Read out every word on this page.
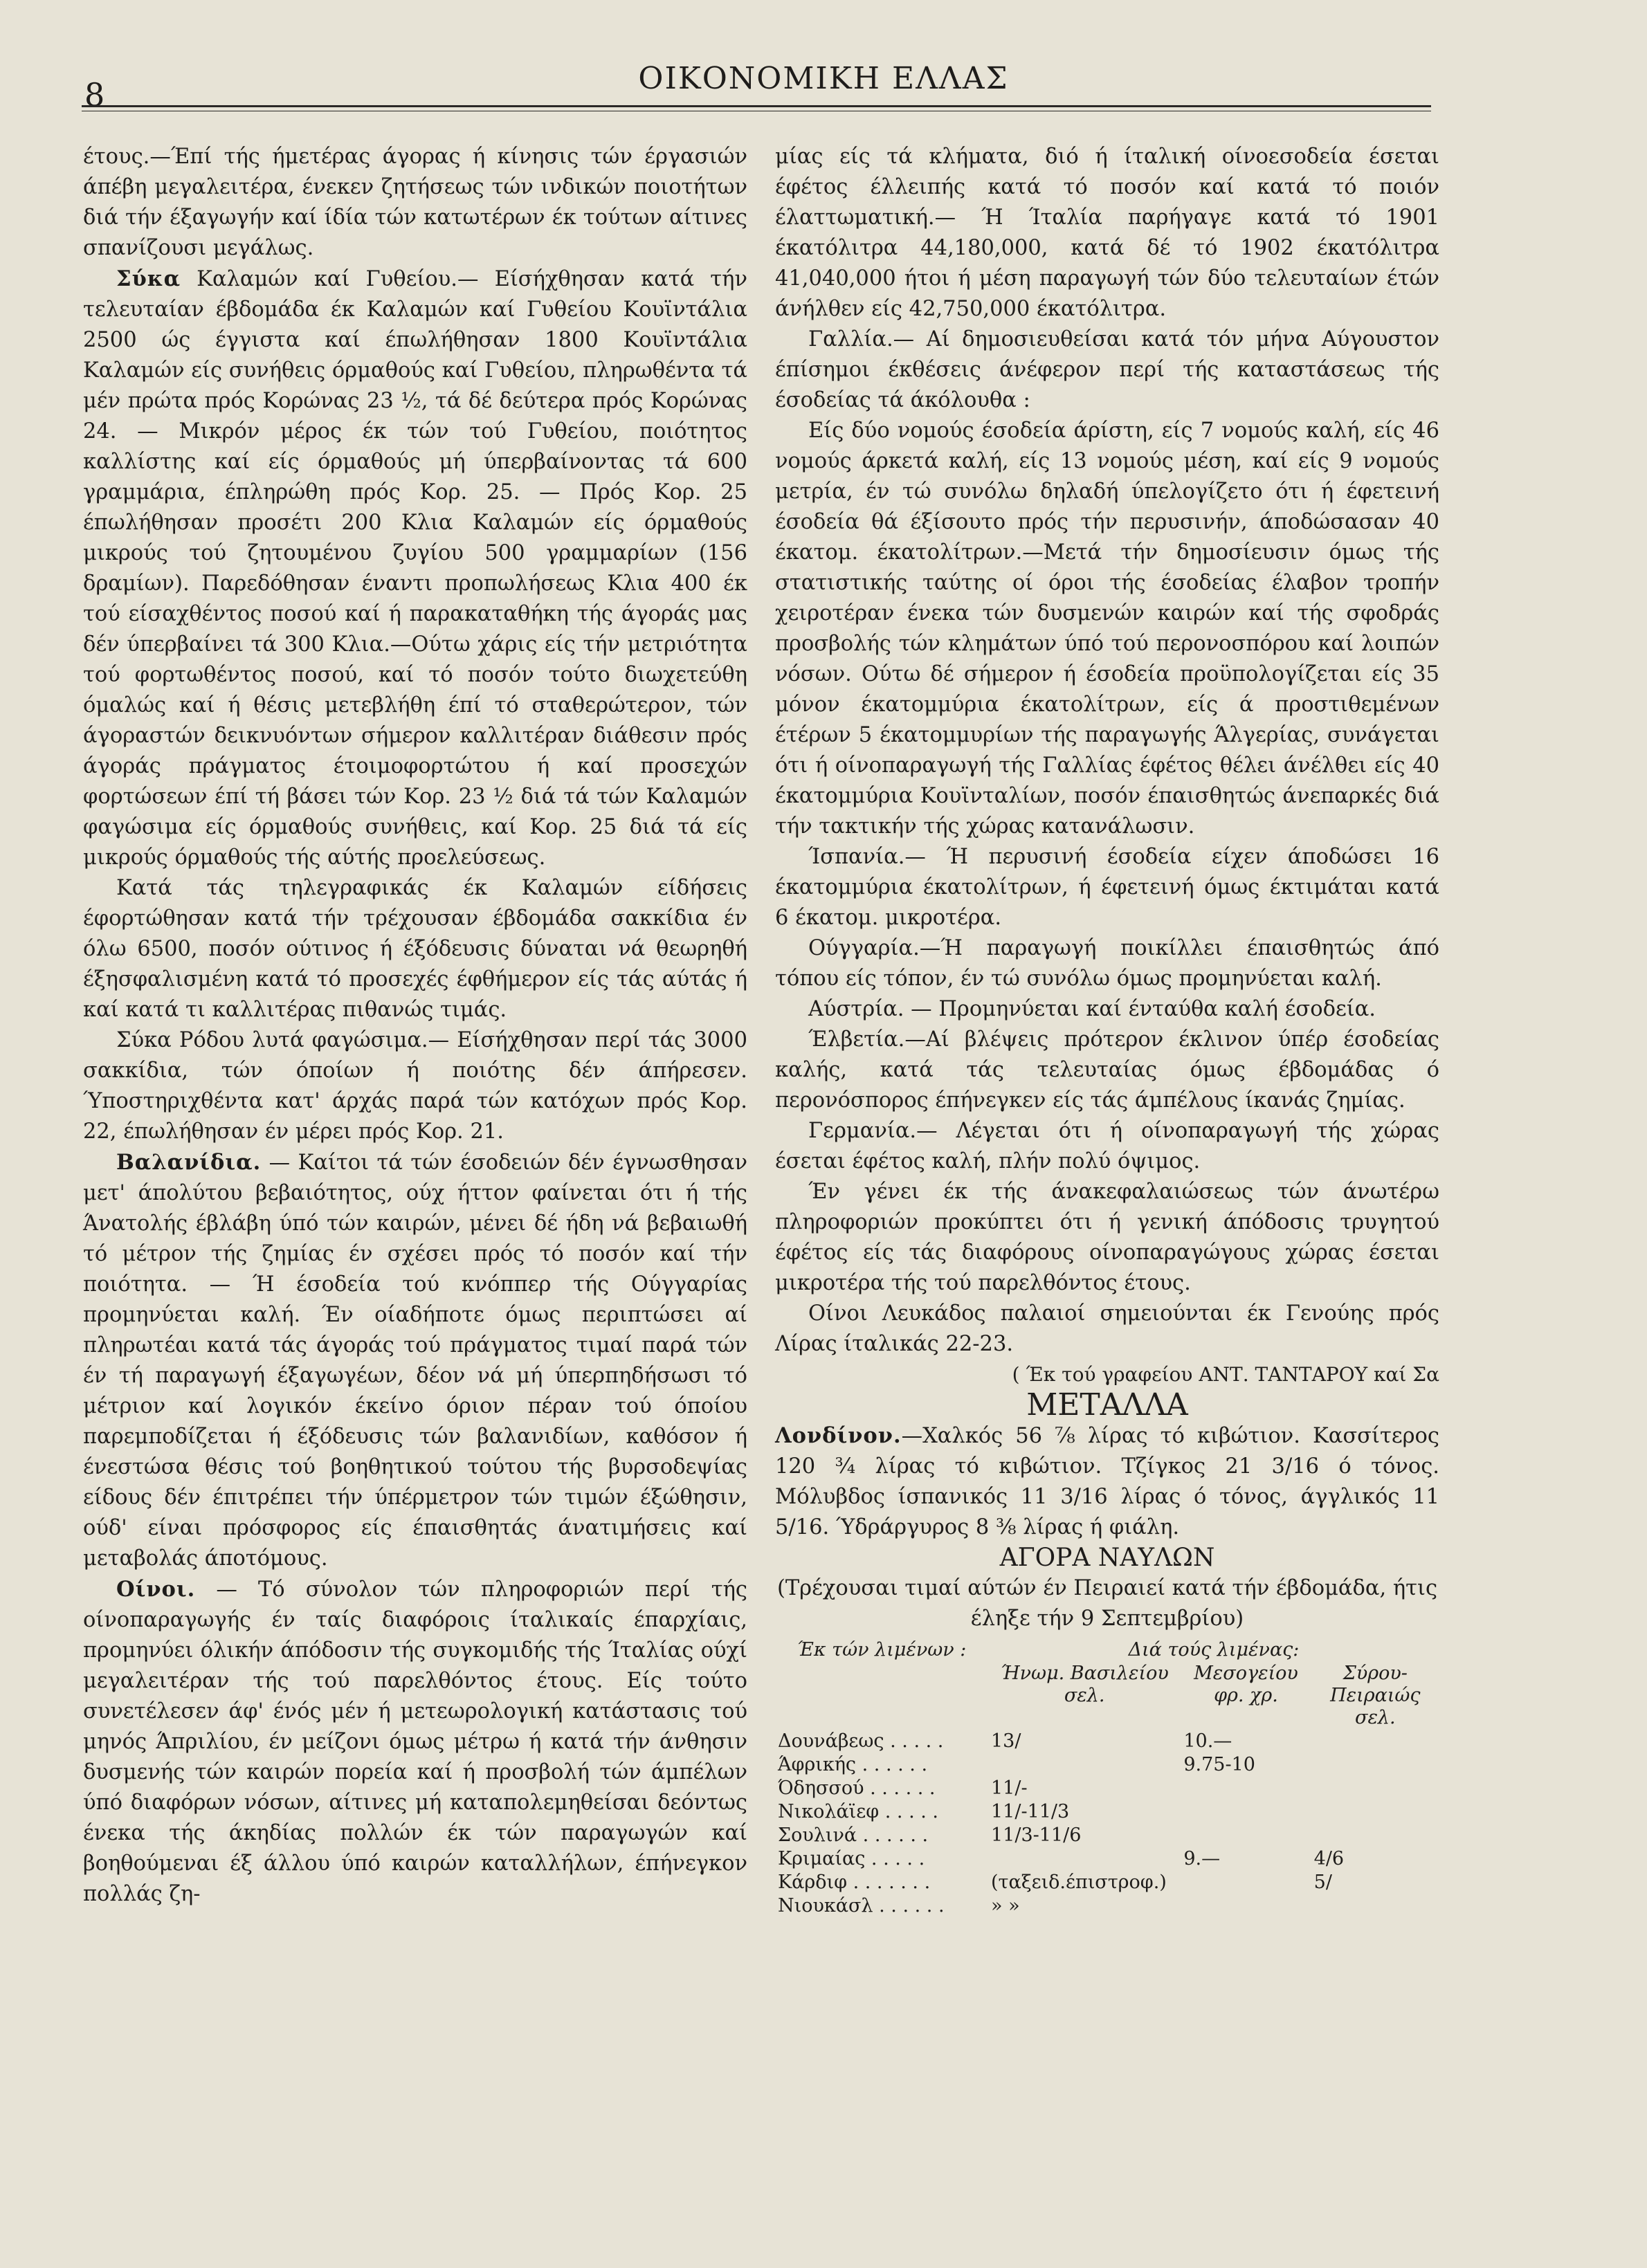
8	ΟΙΚΟΝΟΜΙΚΗ ΕΛΛΑΣ

έτους.—Έπί τής ήμετέρας άγορας ή κίνησις τών έργασιών άπέβη μεγαλειτέρα, ένεκεν ζητήσεως τών ινδικών ποιοτήτων διά τήν έξαγωγήν καί ίδία τών κατωτέρων έκ τούτων αίτινες σπανίζουσι μεγάλως.

Σύκα Καλαμών καί Γυθείου.— Είσήχθησαν κατά τήν τελευταίαν έβδομάδα έκ Καλαμών καί Γυθείου Κουϊντάλια 2500 ώς έγγιστα καί έπωλήθησαν 1800 Κουϊντάλια Καλαμών είς συνήθεις όρμαθούς καί Γυθείου, πληρωθέντα τά μέν πρώτα πρός Κορώνας 23 ½, τά δέ δεύτερα πρός Κορώνας 24. — Μικρόν μέρος έκ τών τού Γυθείου, ποιότητος καλλίστης καί είς όρμαθούς μή ύπερβαίνοντας τά 600 γραμμάρια, έπληρώθη πρός Κορ. 25. — Πρός Κορ. 25 έπωλήθησαν προσέτι 200 Κλια Καλαμών είς όρμαθούς μικρούς τού ζητουμένου ζυγίου 500 γραμμαρίων (156 δραμίων). Παρεδόθησαν έναντι προπωλήσεως Κλια 400 έκ τού είσαχθέντος ποσού καί ή παρακαταθήκη τής άγοράς μας δέν ύπερβαίνει τά 300 Κλια.—Ούτω χάρις είς τήν μετριότητα τού φορτωθέντος ποσού, καί τό ποσόν τούτο διωχετεύθη όμαλώς καί ή θέσις μετεβλήθη έπί τό σταθερώτερον, τών άγοραστών δεικνυόντων σήμερον καλλιτέραν διάθεσιν πρός άγοράς πράγματος έτοιμοφορτώτου ή καί προσεχών φορτώσεων έπί τή βάσει τών Κορ. 23 ½ διά τά τών Καλαμών φαγώσιμα είς όρμαθούς συνήθεις, καί Κορ. 25 διά τά είς μικρούς όρμαθούς τής αύτής προελεύσεως.

Κατά τάς τηλεγραφικάς έκ Καλαμών είδήσεις έφορτώθησαν κατά τήν τρέχουσαν έβδομάδα σακκίδια έν όλω 6500, ποσόν ούτινος ή έξόδευσις δύναται νά θεωρηθή έξησφαλισμένη κατά τό προσεχές έφθήμερον είς τάς αύτάς ή καί κατά τι καλλιτέρας πιθανώς τιμάς.

Σύκα Ρόδου λυτά φαγώσιμα.— Είσήχθησαν περί τάς 3000 σακκίδια, τών όποίων ή ποιότης δέν άπήρεσεν. Ύποστηριχθέντα κατ' άρχάς παρά τών κατόχων πρός Κορ. 22, έπωλήθησαν έν μέρει πρός Κορ. 21.

Βαλανίδια. — Καίτοι τά τών έσοδειών δέν έγνωσθησαν μετ' άπολύτου βεβαιότητος, ούχ ήττον φαίνεται ότι ή τής Άνατολής έβλάβη ύπό τών καιρών, μένει δέ ήδη νά βεβαιωθή τό μέτρον τής ζημίας έν σχέσει πρός τό ποσόν καί τήν ποιότητα. — Ή έσοδεία τού κνόππερ τής Ούγγαρίας προμηνύεται καλή. Έν οίαδήποτε όμως περιπτώσει αί πληρωτέαι κατά τάς άγοράς τού πράγματος τιμαί παρά τών έν τή παραγωγή έξαγωγέων, δέον νά μή ύπερπηδήσωσι τό μέτριον καί λογικόν έκείνο όριον πέραν τού όποίου παρεμποδίζεται ή έξόδευσις τών βαλανιδίων, καθόσον ή ένεστώσα θέσις τού βοηθητικού τούτου τής βυρσοδεψίας είδους δέν έπιτρέπει τήν ύπέρμετρον τών τιμών έξώθησιν, ούδ' είναι πρόσφορος είς έπαισθητάς άνατιμήσεις καί μεταβολάς άποτόμους.

Οίνοι. — Τό σύνολον τών πληροφοριών περί τής οίνοπαραγωγής έν ταίς διαφόροις ίταλικαίς έπαρχίαις, προμηνύει όλικήν άπόδοσιν τής συγκομιδής τής Ίταλίας ούχί μεγαλειτέραν τής τού παρελθόντος έτους. Είς τούτο συνετέλεσεν άφ' ένός μέν ή μετεωρολογική κατάστασις τού μηνός Άπριλίου, έν μείζονι όμως μέτρω ή κατά τήν άνθησιν δυσμενής τών καιρών πορεία καί ή προσβολή τών άμπέλων ύπό διαφόρων νόσων, αίτινες μή καταπολεμηθείσαι δεόντως ένεκα τής άκηδίας πολλών έκ τών παραγωγών καί βοηθούμεναι έξ άλλου ύπό καιρών καταλλήλων, έπήνεγκον πολλάς ζη-

μίας είς τά κλήματα, διό ή ίταλική οίνοεσοδεία έσεται έφέτος έλλειπής κατά τό ποσόν καί κατά τό ποιόν έλαττωματική.— Ή Ίταλία παρήγαγε κατά τό 1901 έκατόλιτρα 44,180,000, κατά δέ τό 1902 έκατόλιτρα 41,040,000 ήτοι ή μέση παραγωγή τών δύο τελευταίων έτών άνήλθεν είς 42,750,000 έκατόλιτρα.

Γαλλία.— Αί δημοσιευθείσαι κατά τόν μήνα Αύγουστον έπίσημοι έκθέσεις άνέφερον περί τής καταστάσεως τής έσοδείας τά άκόλουθα :

Είς δύο νομούς έσοδεία άρίστη, είς 7 νομούς καλή, είς 46 νομούς άρκετά καλή, είς 13 νομούς μέση, καί είς 9 νομούς μετρία, έν τώ συνόλω δηλαδή ύπελογίζετο ότι ή έφετεινή έσοδεία θά έξίσουτο πρός τήν περυσινήν, άποδώσασαν 40 έκατομ. έκατολίτρων.—Μετά τήν δημοσίευσιν όμως τής στατιστικής ταύτης οί όροι τής έσοδείας έλαβον τροπήν χειροτέραν ένεκα τών δυσμενών καιρών καί τής σφοδράς προσβολής τών κλημάτων ύπό τού περονοσπόρου καί λοιπών νόσων. Ούτω δέ σήμερον ή έσοδεία προϋπολογίζεται είς 35 μόνον έκατομμύρια έκατολίτρων, είς ά προστιθεμένων έτέρων 5 έκατομμυρίων τής παραγωγής Άλγερίας, συνάγεται ότι ή οίνοπαραγωγή τής Γαλλίας έφέτος θέλει άνέλθει είς 40 έκατομμύρια Κουϊνταλίων, ποσόν έπαισθητώς άνεπαρκές διά τήν τακτικήν τής χώρας κατανάλωσιν.

Ίσπανία.— Ή περυσινή έσοδεία είχεν άποδώσει 16 έκατομμύρια έκατολίτρων, ή έφετεινή όμως έκτιμάται κατά 6 έκατομ. μικροτέρα.

Ούγγαρία.—Ή παραγωγή ποικίλλει έπαισθητώς άπό τόπου είς τόπον, έν τώ συνόλω όμως προμηνύεται καλή.

Αύστρία. — Προμηνύεται καί ένταύθα καλή έσοδεία.

Έλβετία.—Αί βλέψεις πρότερον έκλινον ύπέρ έσοδείας καλής, κατά τάς τελευταίας όμως έβδομάδας ό περονόσπορος έπήνεγκεν είς τάς άμπέλους ίκανάς ζημίας.

Γερμανία.— Λέγεται ότι ή οίνοπαραγωγή τής χώρας έσεται έφέτος καλή, πλήν πολύ όψιμος.

Έν γένει έκ τής άνακεφαλαιώσεως τών άνωτέρω πληροφοριών προκύπτει ότι ή γενική άπόδοσις τρυγητού έφέτος είς τάς διαφόρους οίνοπαραγώγους χώρας έσεται μικροτέρα τής τού παρελθόντος έτους.

Οίνοι Λευκάδος παλαιοί σημειούνται έκ Γενούης πρός Λίρας ίταλικάς 22-23.

( Έκ τού γραφείου ΑΝΤ. ΤΑΝΤΑΡΟΥ καί Σα

ΜΕΤΑΛΛΑ

Λονδίνον.—Χαλκός 56 ⅞ λίρας τό κιβώτιον. Κασσίτερος 120 ¾ λίρας τό κιβώτιον. Τζίγκος 21 3/16 ό τόνος. Μόλυβδος ίσπανικός 11 3/16 λίρας ό τόνος, άγγλικός 11 5/16. Ύδράργυρος 8 ⅜ λίρας ή φιάλη.

ΑΓΟΡΑ ΝΑΥΛΩΝ

(Τρέχουσαι τιμαί αύτών έν Πειραιεί κατά τήν έβδομάδα, ήτις έληξε τήν 9 Σεπτεμβρίου)

Έκ τών λιμένων :	Διά τούς λιμένας:		
	Ήνωμ. Βασιλείου σελ.	Μεσογείου φρ. χρ.	Σύρου-Πειραιώς σελ.
Δουνάβεως . . . . .	13/	10.—	
Άφρικής . . . . . .		9.75-10	
Όδησσού . . . . . .	11/-		
Νικολάϊεφ . . . . .	11/-11/3		
Σουλινά . . . . . .	11/3-11/6		
Κριμαίας . . . . .		9.—	4/6
Κάρδιφ . . . . . . .	(ταξειδ.έπιστροφ.)		5/
Νιουκάσλ . . . . . .	» »		
